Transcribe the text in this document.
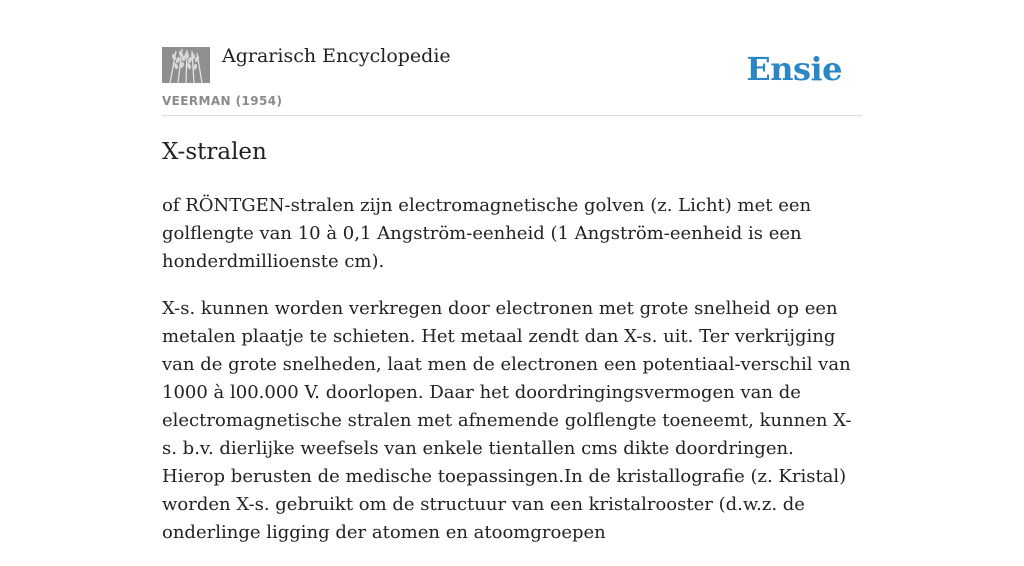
Agrarisch Encyclopedie
VEERMAN (1954)
Ensie
X-stralen

of RÖNTGEN-stralen zijn electromagnetische golven (z. Licht) met een golflengte van 10 à 0,1 Angström-eenheid (1 Angström-eenheid is een honderdmillioenste cm).

X-s. kunnen worden verkregen door electronen met grote snelheid op een metalen plaatje te schieten. Het metaal zendt dan X-s. uit. Ter verkrijging van de grote snelheden, laat men de electronen een potentiaal-verschil van 1000 à l00.000 V. doorlopen. Daar het doordringingsvermogen van de electromagnetische stralen met afnemende golflengte toeneemt, kunnen X-s. b.v. dierlijke weefsels van enkele tientallen cms dikte doordringen. Hierop berusten de medische toepassingen.In de kristallografie (z. Kristal) worden X-s. gebruikt om de structuur van een kristalrooster (d.w.z. de onderlinge ligging der atomen en atoomgroepen
